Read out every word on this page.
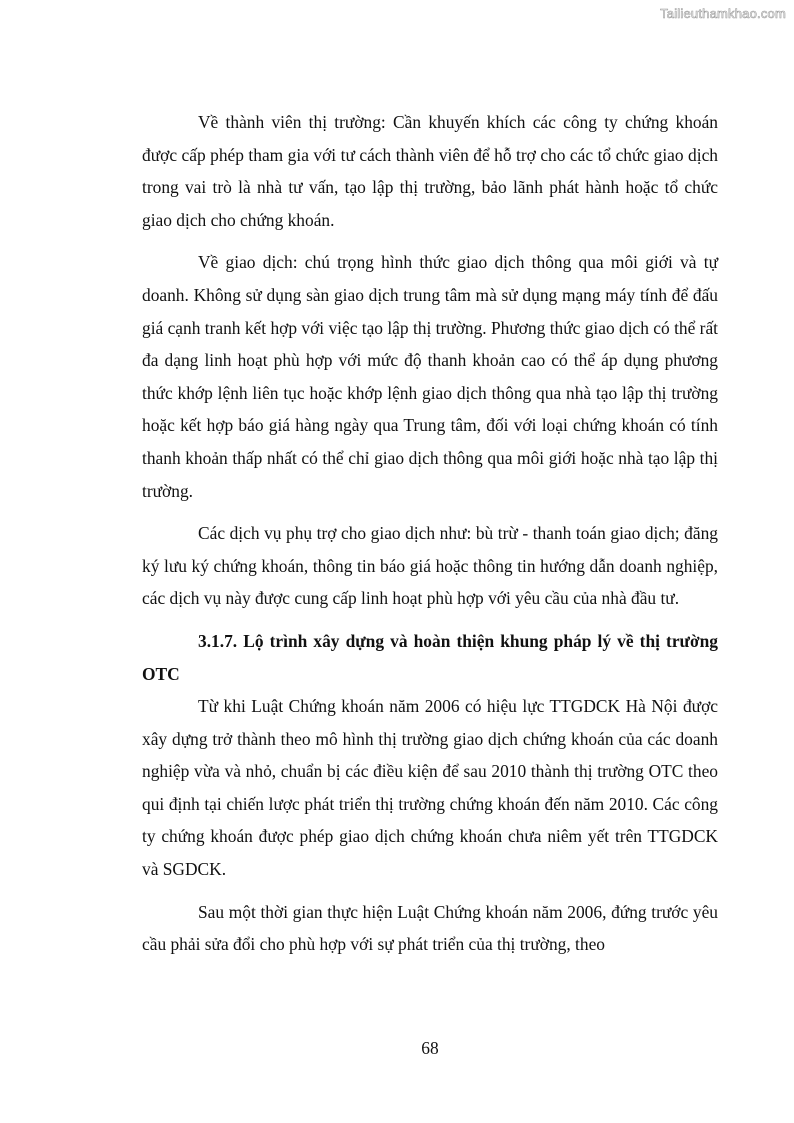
Tailieuthamkhao.com

Về thành viên thị trường: Cần khuyến khích các công ty chứng khoán được cấp phép tham gia với tư cách thành viên để hỗ trợ cho các tổ chức giao dịch trong vai trò là nhà tư vấn, tạo lập thị trường, bảo lãnh phát hành hoặc tổ chức giao dịch cho chứng khoán.

Về giao dịch: chú trọng hình thức giao dịch thông qua môi giới và tự doanh. Không sử dụng sàn giao dịch trung tâm mà sử dụng mạng máy tính để đấu giá cạnh tranh kết hợp với việc tạo lập thị trường. Phương thức giao dịch có thể rất đa dạng linh hoạt phù hợp với mức độ thanh khoản cao có thể áp dụng phương thức khớp lệnh liên tục hoặc khớp lệnh giao dịch thông qua nhà tạo lập thị trường hoặc kết hợp báo giá hàng ngày qua Trung tâm, đối với loại chứng khoán có tính thanh khoản thấp nhất có thể chỉ giao dịch thông qua môi giới hoặc nhà tạo lập thị trường.

Các dịch vụ phụ trợ cho giao dịch như: bù trừ - thanh toán giao dịch; đăng ký lưu ký chứng khoán, thông tin báo giá hoặc thông tin hướng dẫn doanh nghiệp, các dịch vụ này được cung cấp linh hoạt phù hợp với yêu cầu của nhà đầu tư.

3.1.7. Lộ trình xây dựng và hoàn thiện khung pháp lý về thị trường OTC

Từ khi Luật Chứng khoán năm 2006 có hiệu lực TTGDCK Hà Nội được xây dựng trở thành theo mô hình thị trường giao dịch chứng khoán của các doanh nghiệp vừa và nhỏ, chuẩn bị các điều kiện để sau 2010 thành thị trường OTC theo qui định tại chiến lược phát triển thị trường chứng khoán đến năm 2010. Các công ty chứng khoán được phép giao dịch chứng khoán chưa niêm yết trên TTGDCK và SGDCK.

Sau một thời gian thực hiện Luật Chứng khoán năm 2006, đứng trước yêu cầu phải sửa đổi cho phù hợp với sự phát triển của thị trường, theo

68
